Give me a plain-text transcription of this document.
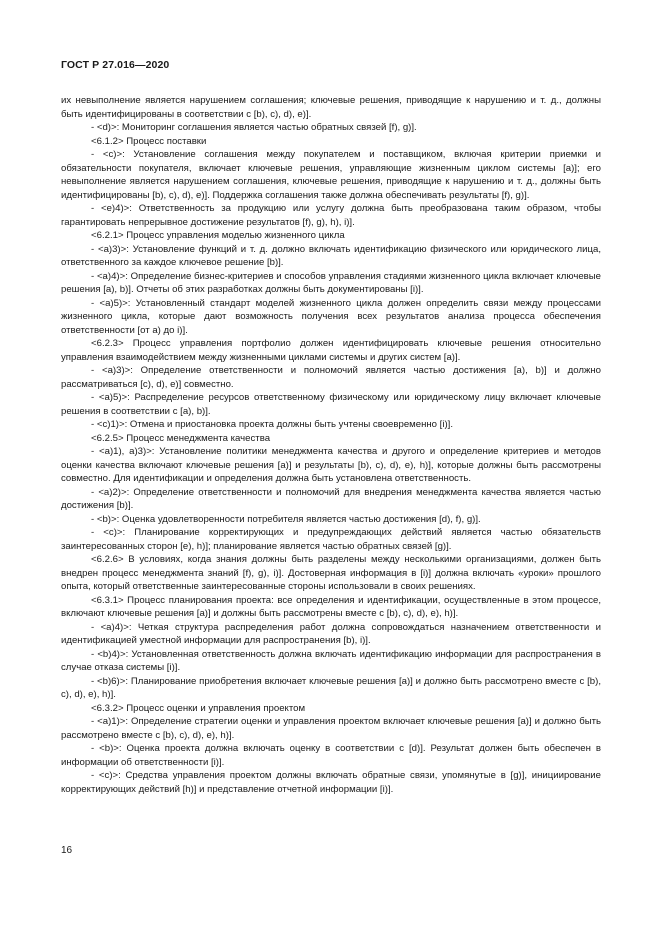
ГОСТ Р 27.016—2020

их невыполнение является нарушением соглашения; ключевые решения, приводящие к нарушению и т. д., должны быть идентифицированы в соответствии с [b), c), d), e)].

- <d)>: Мониторинг соглашения является частью обратных связей [f), g)].

<6.1.2> Процесс поставки

- <c)>: Установление соглашения между покупателем и поставщиком, включая критерии приемки и обязательности покупателя, включает ключевые решения, управляющие жизненным циклом системы [a)]; его невыполнение является нарушением соглашения, ключевые решения, приводящие к нарушению и т. д., должны быть идентифицированы [b), c), d), e)]. Поддержка соглашения также должна обеспечивать результаты [f), g)].

- <e)4)>: Ответственность за продукцию или услугу должна быть преобразована таким образом, чтобы гарантировать непрерывное достижение результатов [f), g), h), i)].

<6.2.1> Процесс управления моделью жизненного цикла

- <a)3)>: Установление функций и т. д. должно включать идентификацию физического или юридического лица, ответственного за каждое ключевое решение [b)].

- <a)4)>: Определение бизнес-критериев и способов управления стадиями жизненного цикла включает ключевые решения [a), b)]. Отчеты об этих разработках должны быть документированы [i)].

- <a)5)>: Установленный стандарт моделей жизненного цикла должен определить связи между процессами жизненного цикла, которые дают возможность получения всех результатов анализа процесса обеспечения ответственности [от a) до i)].

<6.2.3> Процесс управления портфолио должен идентифицировать ключевые решения относительно управления взаимодействием между жизненными циклами системы и других систем [a)].

- <a)3)>: Определение ответственности и полномочий является частью достижения [a), b)] и должно рассматриваться [c), d), e)] совместно.

- <a)5)>: Распределение ресурсов ответственному физическому или юридическому лицу включает ключевые решения в соответствии с [a), b)].

- <c)1)>: Отмена и приостановка проекта должны быть учтены своевременно [i)].

<6.2.5> Процесс менеджмента качества

- <a)1), a)3)>: Установление политики менеджмента качества и другого и определение критериев и методов оценки качества включают ключевые решения [a)] и результаты [b), c), d), e), h)], которые должны быть рассмотрены совместно. Для идентификации и определения должна быть установлена ответственность.

- <a)2)>: Определение ответственности и полномочий для внедрения менеджмента качества является частью достижения [b)].

- <b)>: Оценка удовлетворенности потребителя является частью достижения [d), f), g)].

- <c)>: Планирование корректирующих и предупреждающих действий является частью обязательств заинтересованных сторон [e), h)]; планирование является частью обратных связей [g)].

<6.2.6> В условиях, когда знания должны быть разделены между несколькими организациями, должен быть внедрен процесс менеджмента знаний [f), g), i)]. Достоверная информация в [i)] должна включать «уроки» прошлого опыта, который ответственные заинтересованные стороны использовали в своих решениях.

<6.3.1> Процесс планирования проекта: все определения и идентификации, осуществленные в этом процессе, включают ключевые решения [a)] и должны быть рассмотрены вместе с [b), c), d), e), h)].

- <a)4)>: Четкая структура распределения работ должна сопровождаться назначением ответственности и идентификацией уместной информации для распространения [b), i)].

- <b)4)>: Установленная ответственность должна включать идентификацию информации для распространения в случае отказа системы [i)].

- <b)6)>: Планирование приобретения включает ключевые решения [a)] и должно быть рассмотрено вместе с [b), c), d), e), h)].

<6.3.2> Процесс оценки и управления проектом

- <a)1)>: Определение стратегии оценки и управления проектом включает ключевые решения [a)] и должно быть рассмотрено вместе с [b), c), d), e), h)].

- <b)>: Оценка проекта должна включать оценку в соответствии с [d)]. Результат должен быть обеспечен в информации об ответственности [i)].

- <c)>: Средства управления проектом должны включать обратные связи, упомянутые в [g)], инициирование корректирующих действий [h)] и представление отчетной информации [i)].

16
